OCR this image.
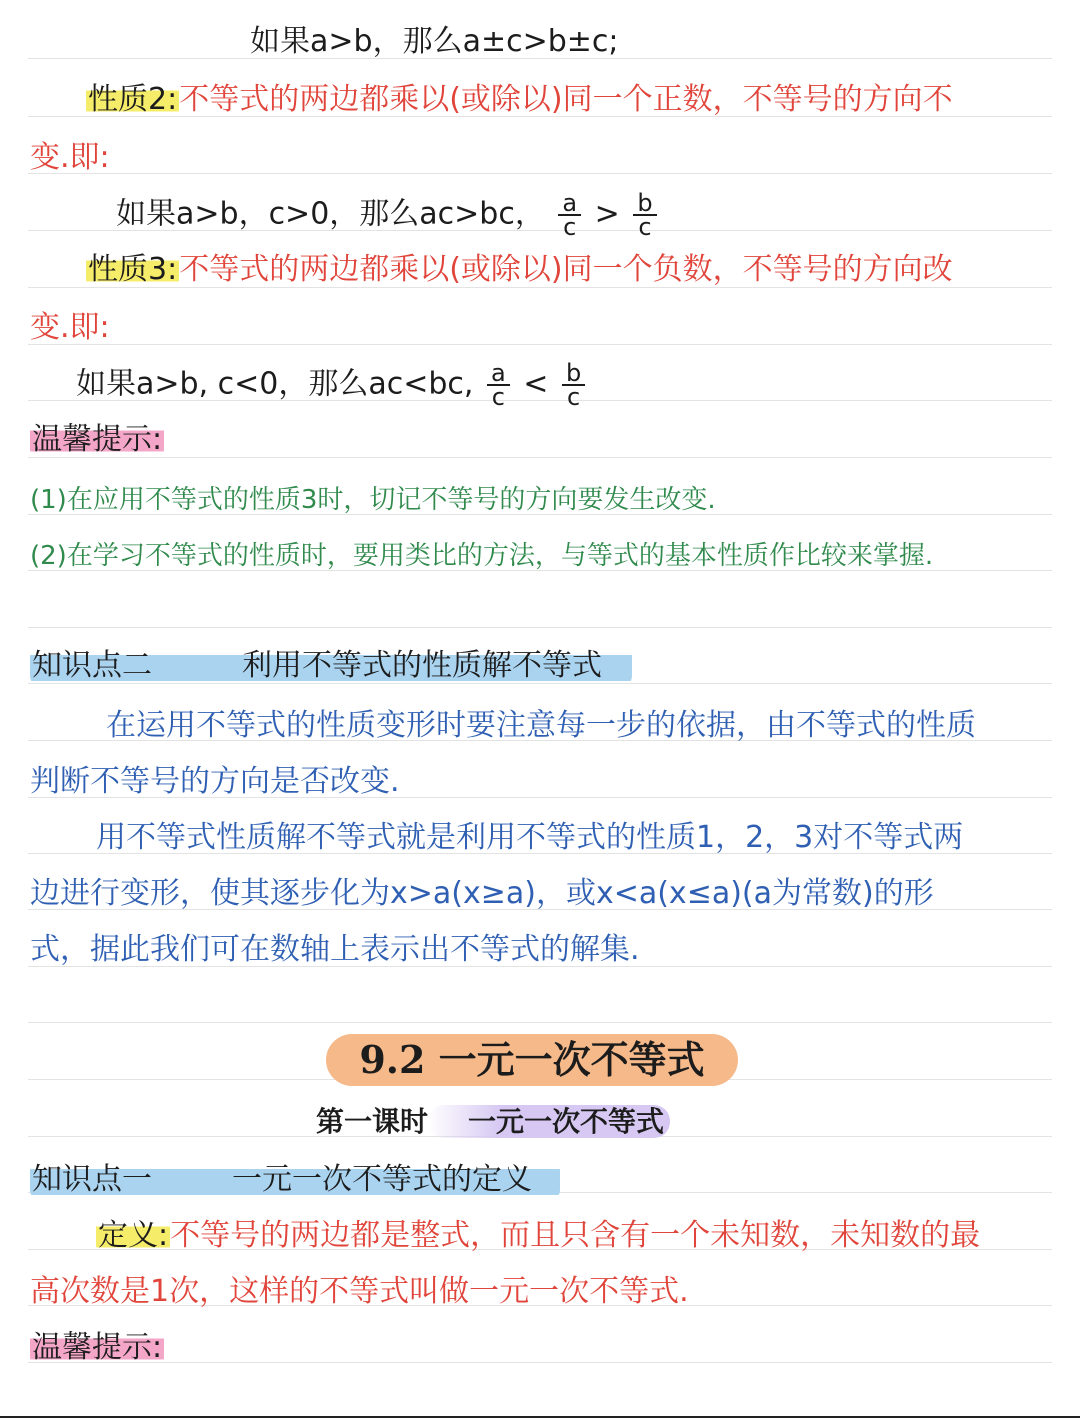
如果a>b，那么a±c>b±c;
性质2:不等式的两边都乘以(或除以)同一个正数，不等号的方向不
变.即:
如果a>b，c>0，那么ac>bc， $\frac{a}{c} > \frac{b}{c}$
性质3:不等式的两边都乘以(或除以)同一个负数，不等号的方向改
变.即:
如果a>b, c<0，那么ac<bc, $\frac{a}{c} < \frac{b}{c}$
温馨提示:
(1)在应用不等式的性质3时，切记不等号的方向要发生改变.
(2)在学习不等式的性质时，要用类比的方法，与等式的基本性质作比较来掌握.
知识点二	利用不等式的性质解不等式
在运用不等式的性质变形时要注意每一步的依据，由不等式的性质
判断不等号的方向是否改变.
用不等式性质解不等式就是利用不等式的性质1，2，3对不等式两
边进行变形，使其逐步化为x>a(x≥a)，或x<a(x≤a)(a为常数)的形
式，据此我们可在数轴上表示出不等式的解集.
9.2 一元一次不等式
第一课时 一元一次不等式
知识点一	一元一次不等式的定义
定义:不等号的两边都是整式，而且只含有一个未知数，未知数的最
高次数是1次，这样的不等式叫做一元一次不等式.
温馨提示:
